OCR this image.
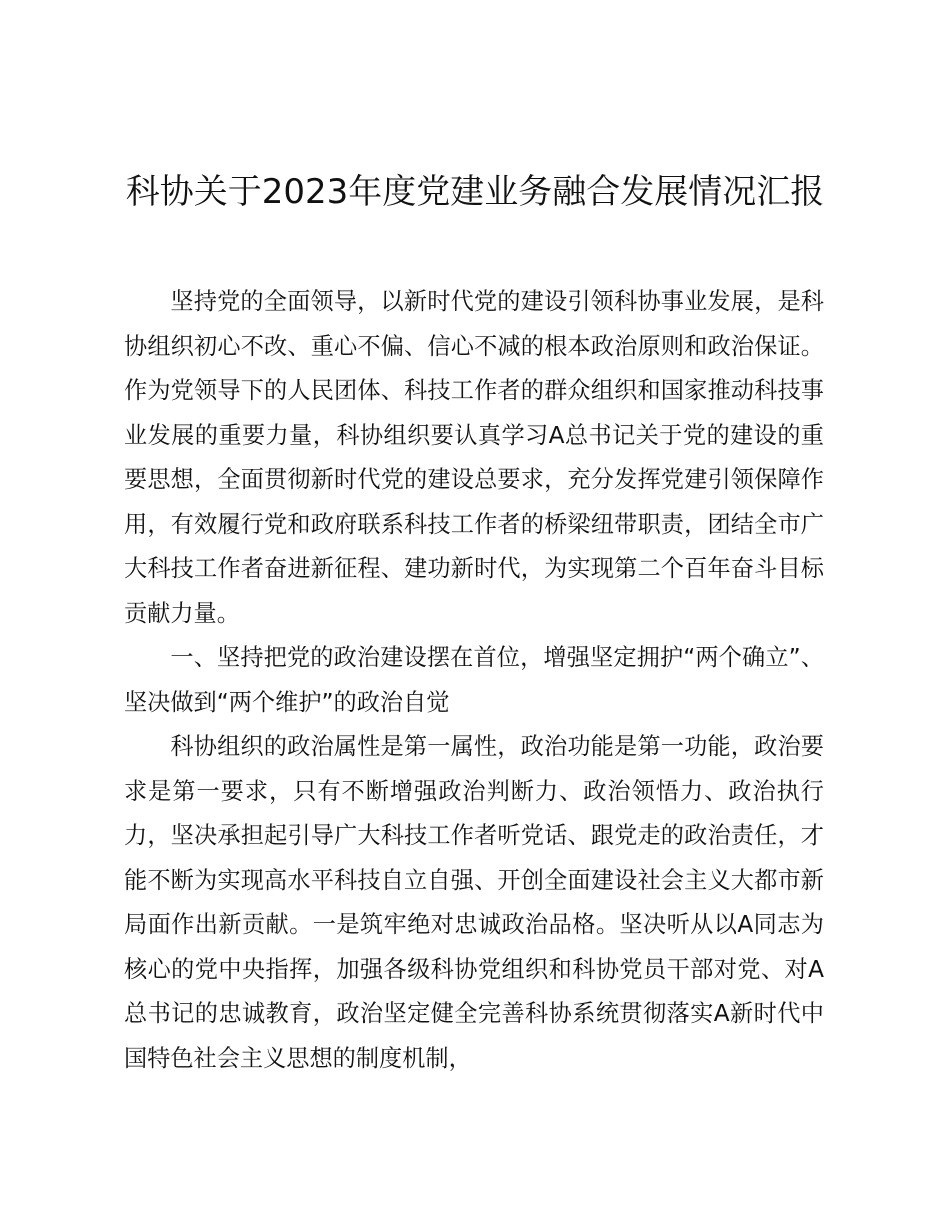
科协关于2023年度党建业务融合发展情况汇报

坚持党的全面领导，以新时代党的建设引领科协事业发展，是科协组织初心不改、重心不偏、信心不减的根本政治原则和政治保证。作为党领导下的人民团体、科技工作者的群众组织和国家推动科技事业发展的重要力量，科协组织要认真学习A总书记关于党的建设的重要思想，全面贯彻新时代党的建设总要求，充分发挥党建引领保障作用，有效履行党和政府联系科技工作者的桥梁纽带职责，团结全市广大科技工作者奋进新征程、建功新时代，为实现第二个百年奋斗目标贡献力量。

一、坚持把党的政治建设摆在首位，增强坚定拥护“两个确立”、坚决做到“两个维护”的政治自觉

科协组织的政治属性是第一属性，政治功能是第一功能，政治要求是第一要求，只有不断增强政治判断力、政治领悟力、政治执行力，坚决承担起引导广大科技工作者听党话、跟党走的政治责任，才能不断为实现高水平科技自立自强、开创全面建设社会主义大都市新局面作出新贡献。一是筑牢绝对忠诚政治品格。坚决听从以A同志为核心的党中央指挥，加强各级科协党组织和科协党员干部对党、对A总书记的忠诚教育，政治坚定健全完善科协系统贯彻落实A新时代中国特色社会主义思想的制度机制，
